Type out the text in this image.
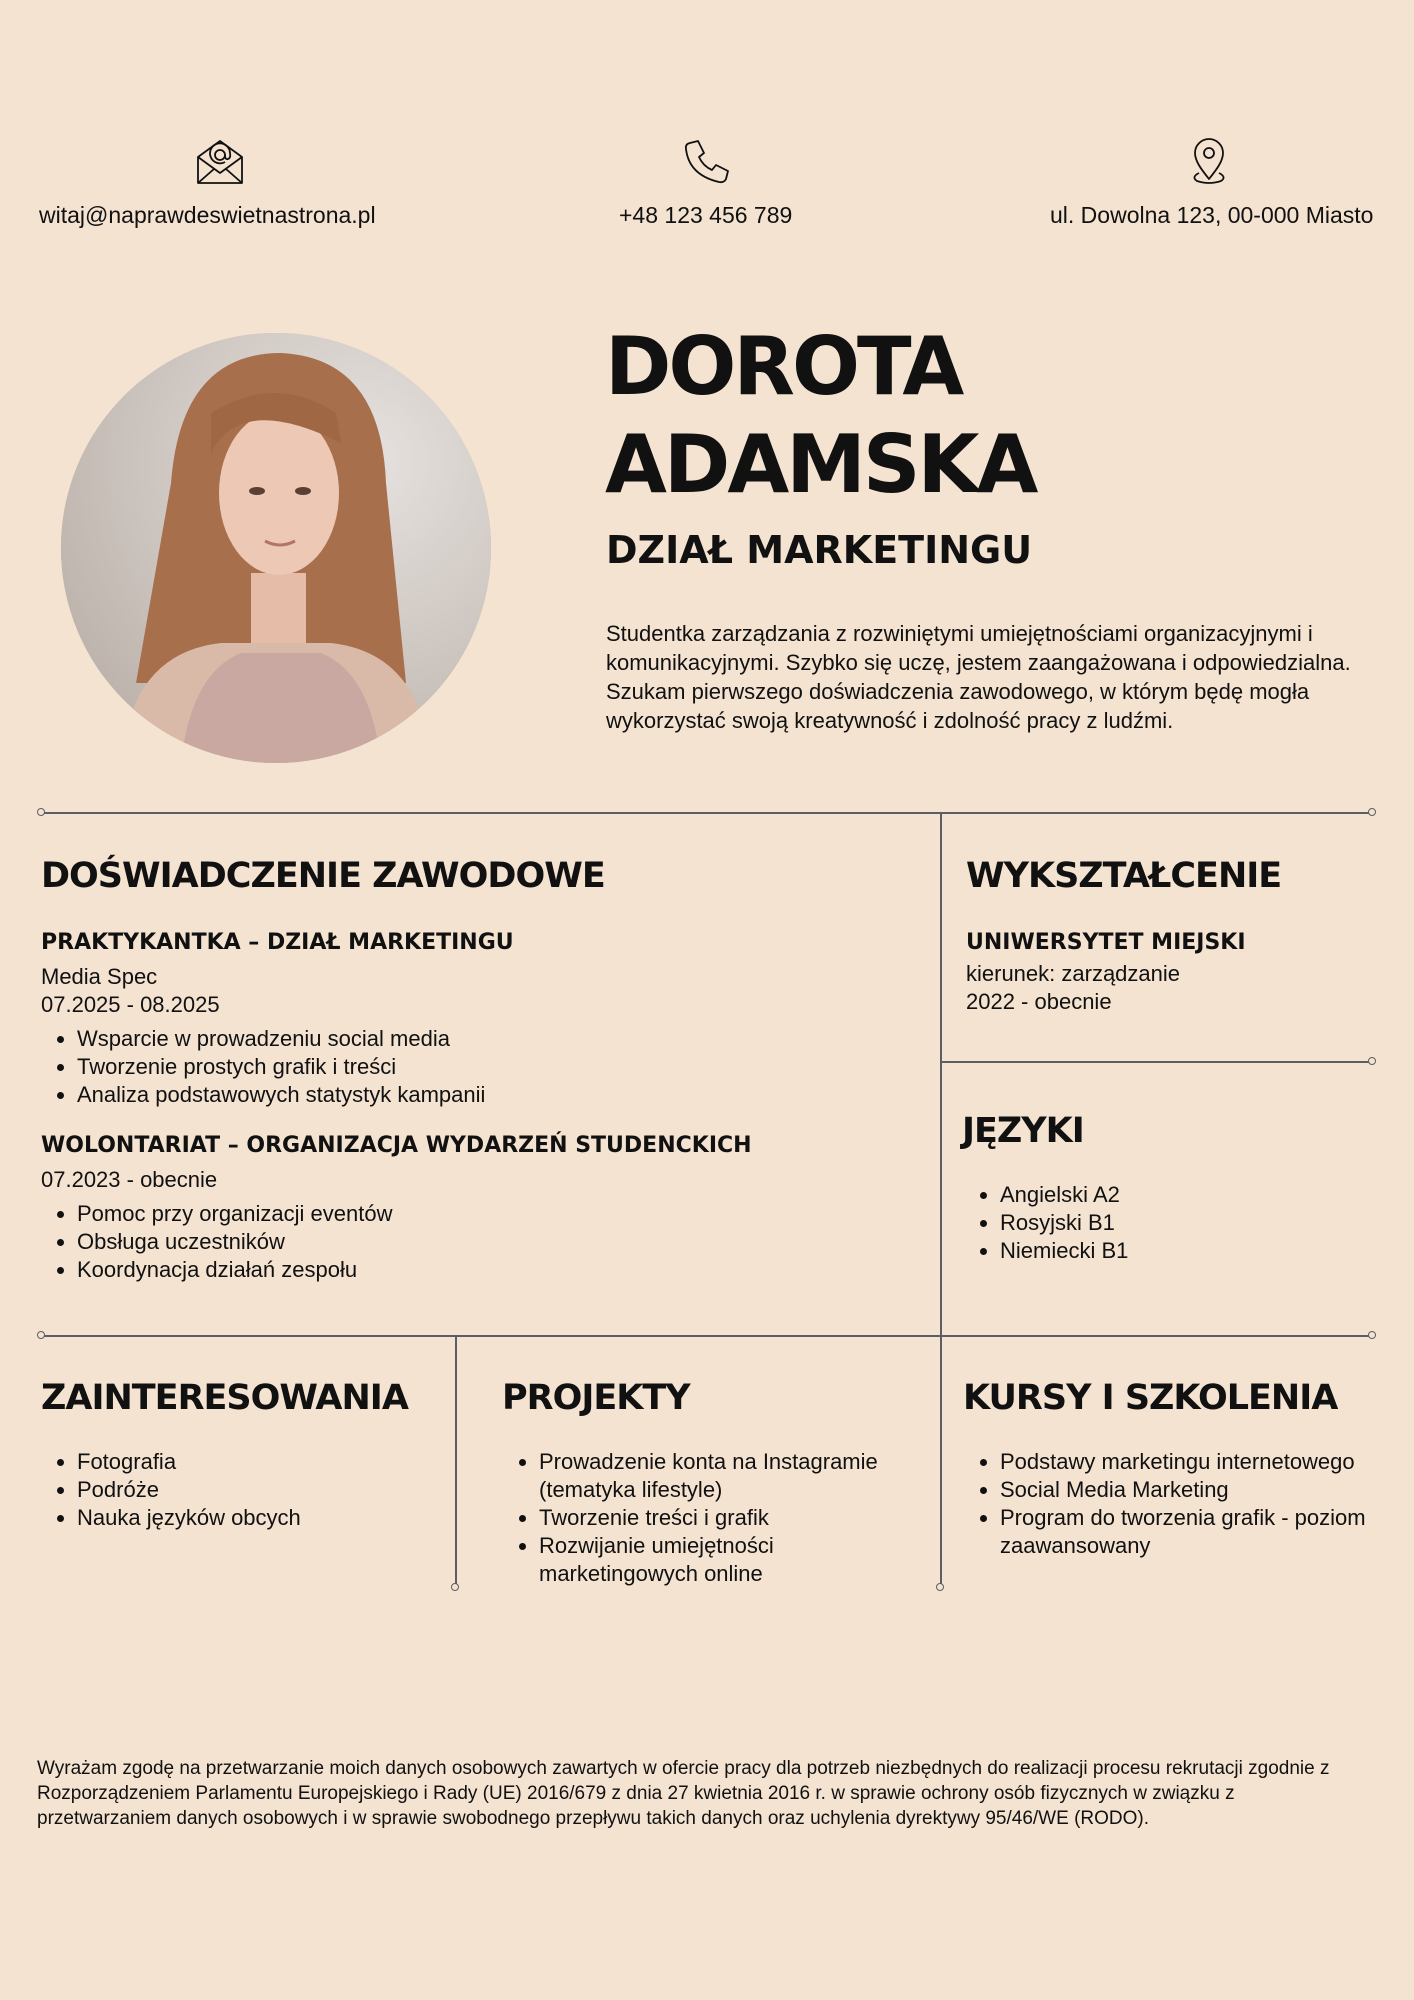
witaj@naprawdeswietnastrona.pl	+48 123 456 789	ul. Dowolna 123, 00-000 Miasto
DOROTA
ADAMSKA
DZIAŁ MARKETINGU
Studentka zarządzania z rozwiniętymi umiejętnościami organizacyjnymi i komunikacyjnymi. Szybko się uczę, jestem zaangażowana i odpowiedzialna. Szukam pierwszego doświadczenia zawodowego, w którym będę mogła wykorzystać swoją kreatywność i zdolność pracy z ludźmi.
DOŚWIADCZENIE ZAWODOWE
PRAKTYKANTKA – DZIAŁ MARKETINGU
Media Spec
07.2025 - 08.2025
• Wsparcie w prowadzeniu social media
• Tworzenie prostych grafik i treści
• Analiza podstawowych statystyk kampanii
WOLONTARIAT – ORGANIZACJA WYDARZEŃ STUDENCKICH
07.2023 - obecnie
• Pomoc przy organizacji eventów
• Obsługa uczestników
• Koordynacja działań zespołu
WYKSZTAŁCENIE
UNIWERSYTET MIEJSKI
kierunek: zarządzanie
2022 - obecnie
JĘZYKI
• Angielski A2
• Rosyjski B1
• Niemiecki B1
ZAINTERESOWANIA
• Fotografia
• Podróże
• Nauka języków obcych
PROJEKTY
• Prowadzenie konta na Instagramie (tematyka lifestyle)
• Tworzenie treści i grafik
• Rozwijanie umiejętności marketingowych online
KURSY I SZKOLENIA
• Podstawy marketingu internetowego
• Social Media Marketing
• Program do tworzenia grafik - poziom zaawansowany
Wyrażam zgodę na przetwarzanie moich danych osobowych zawartych w ofercie pracy dla potrzeb niezbędnych do realizacji procesu rekrutacji zgodnie z Rozporządzeniem Parlamentu Europejskiego i Rady (UE) 2016/679 z dnia 27 kwietnia 2016 r. w sprawie ochrony osób fizycznych w związku z przetwarzaniem danych osobowych i w sprawie swobodnego przepływu takich danych oraz uchylenia dyrektywy 95/46/WE (RODO).
